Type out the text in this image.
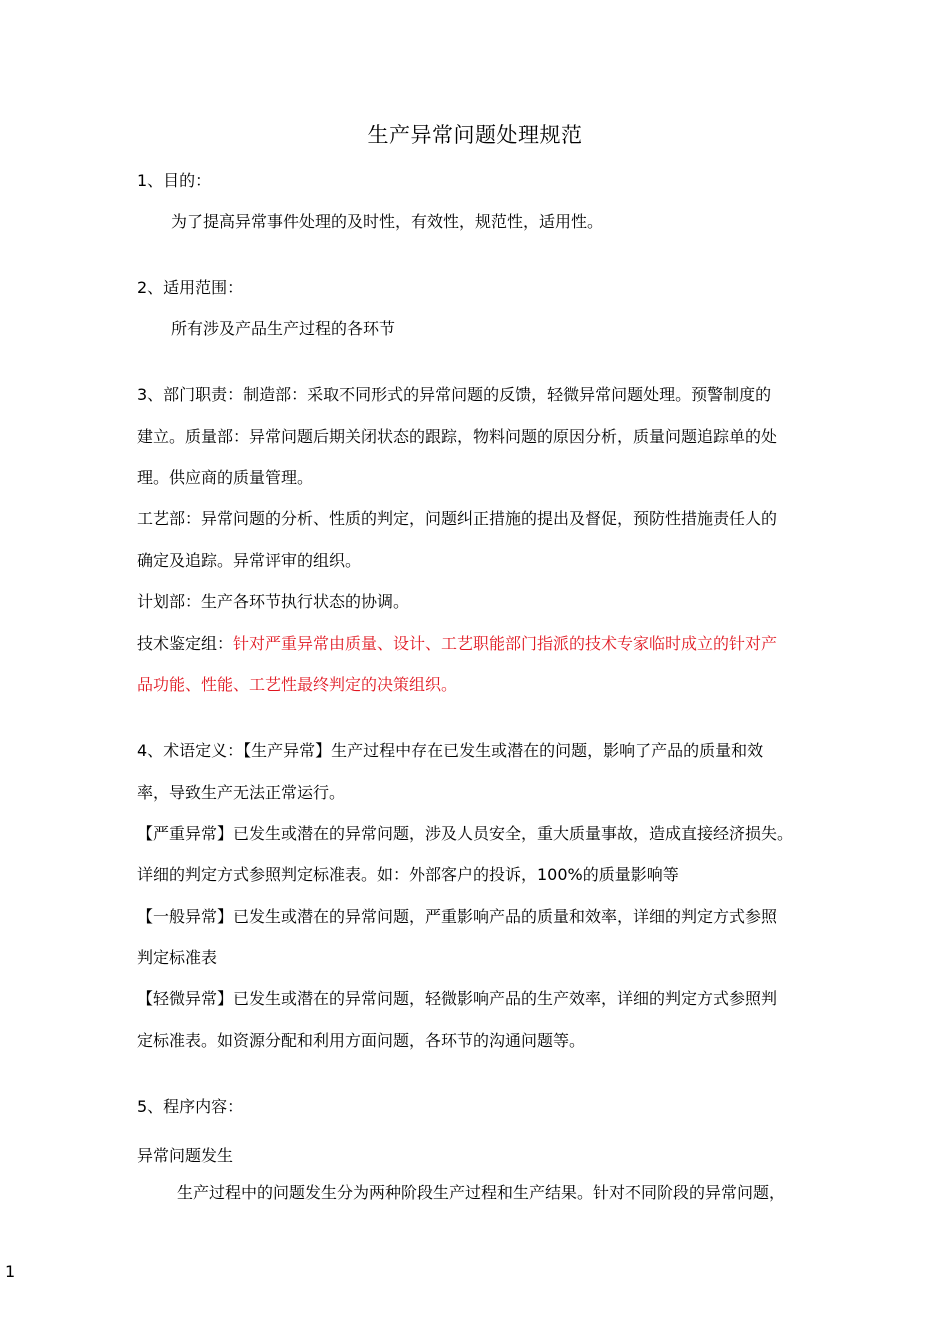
生产异常问题处理规范
1、目的：
为了提高异常事件处理的及时性，有效性，规范性，适用性。
2、适用范围：
所有涉及产品生产过程的各环节
3、部门职责：制造部：采取不同形式的异常问题的反馈，轻微异常问题处理。预警制度的
建立。质量部：异常问题后期关闭状态的跟踪，物料问题的原因分析，质量问题追踪单的处
理。供应商的质量管理。
工艺部：异常问题的分析、性质的判定，问题纠正措施的提出及督促，预防性措施责任人的
确定及追踪。异常评审的组织。
计划部：生产各环节执行状态的协调。
技术鉴定组：针对严重异常由质量、设计、工艺职能部门指派的技术专家临时成立的针对产
品功能、性能、工艺性最终判定的决策组织。
4、术语定义：【生产异常】生产过程中存在已发生或潜在的问题，影响了产品的质量和效
率，导致生产无法正常运行。
【严重异常】已发生或潜在的异常问题，涉及人员安全，重大质量事故，造成直接经济损失。
详细的判定方式参照判定标准表。如：外部客户的投诉，100%的质量影响等
【一般异常】已发生或潜在的异常问题，严重影响产品的质量和效率，详细的判定方式参照
判定标准表
【轻微异常】已发生或潜在的异常问题，轻微影响产品的生产效率，详细的判定方式参照判
定标准表。如资源分配和利用方面问题，各环节的沟通问题等。
5、程序内容：
异常问题发生
生产过程中的问题发生分为两种阶段生产过程和生产结果。针对不同阶段的异常问题，
1
